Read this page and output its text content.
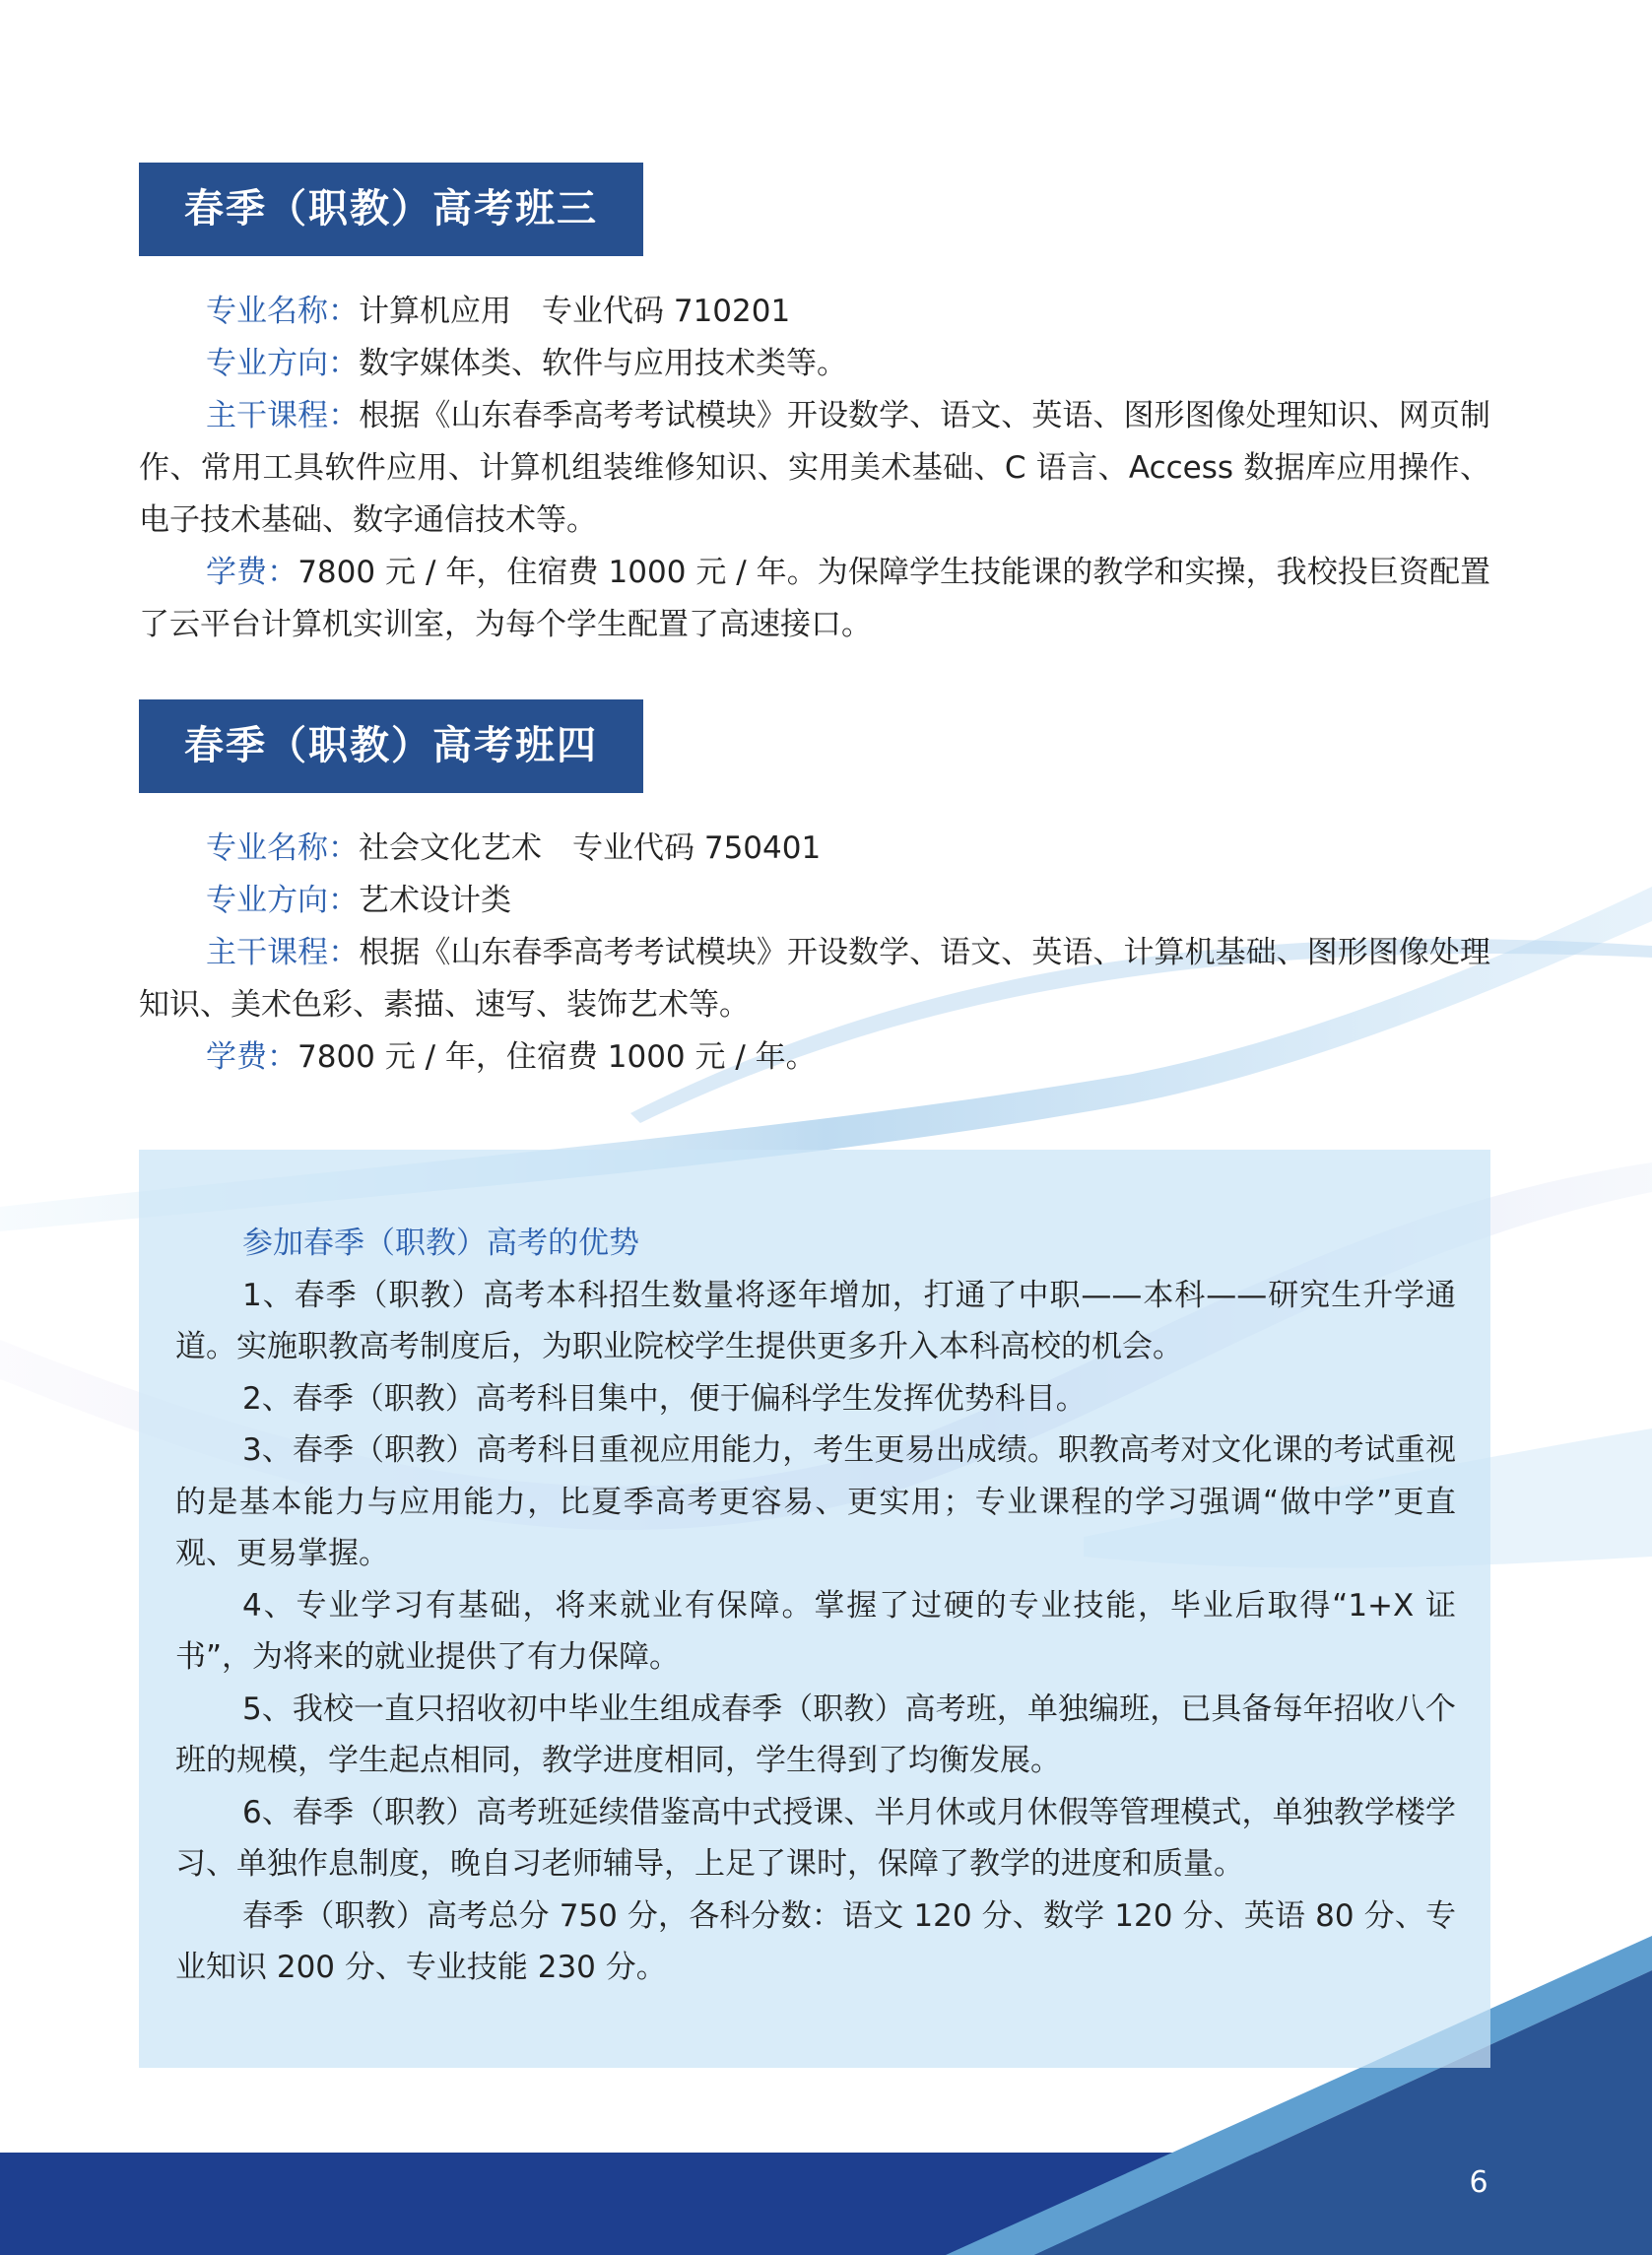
春季（职教）高考班三

专业名称：计算机应用　专业代码 710201

专业方向：数字媒体类、软件与应用技术类等。

主干课程：根据《山东春季高考考试模块》开设数学、语文、英语、图形图像处理知识、网页制作、常用工具软件应用、计算机组装维修知识、实用美术基础、C 语言、Access 数据库应用操作、电子技术基础、数字通信技术等。

学费：7800 元 / 年，住宿费 1000 元 / 年。为保障学生技能课的教学和实操，我校投巨资配置了云平台计算机实训室，为每个学生配置了高速接口。

春季（职教）高考班四

专业名称：社会文化艺术　专业代码 750401

专业方向：艺术设计类

主干课程：根据《山东春季高考考试模块》开设数学、语文、英语、计算机基础、图形图像处理知识、美术色彩、素描、速写、装饰艺术等。

学费：7800 元 / 年，住宿费 1000 元 / 年。

参加春季（职教）高考的优势

1、春季（职教）高考本科招生数量将逐年增加，打通了中职——本科——研究生升学通道。实施职教高考制度后，为职业院校学生提供更多升入本科高校的机会。

2、春季（职教）高考科目集中，便于偏科学生发挥优势科目。

3、春季（职教）高考科目重视应用能力，考生更易出成绩。职教高考对文化课的考试重视的是基本能力与应用能力，比夏季高考更容易、更实用；专业课程的学习强调“做中学”更直观、更易掌握。

4、专业学习有基础，将来就业有保障。掌握了过硬的专业技能，毕业后取得“1+X 证书”，为将来的就业提供了有力保障。

5、我校一直只招收初中毕业生组成春季（职教）高考班，单独编班，已具备每年招收八个班的规模，学生起点相同，教学进度相同，学生得到了均衡发展。

6、春季（职教）高考班延续借鉴高中式授课、半月休或月休假等管理模式，单独教学楼学习、单独作息制度，晚自习老师辅导，上足了课时，保障了教学的进度和质量。

春季（职教）高考总分 750 分，各科分数：语文 120 分、数学 120 分、英语 80 分、专业知识 200 分、专业技能 230 分。

6
